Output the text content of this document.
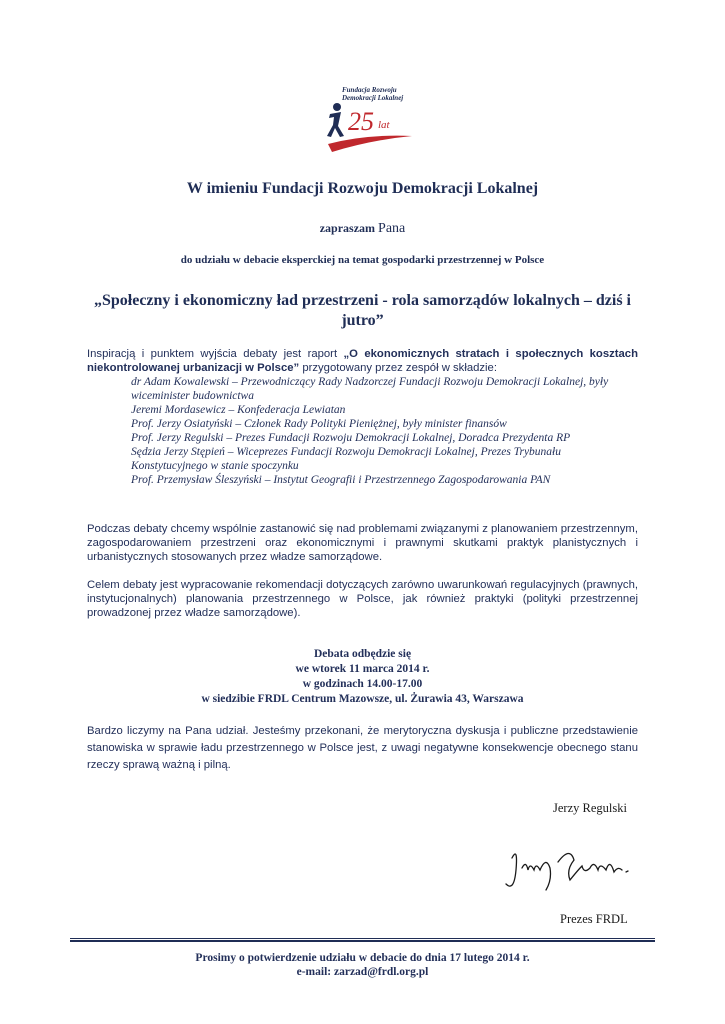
Fundacja Rozwoju
Demokracji Lokalnej
25 lat
W imieniu Fundacji Rozwoju Demokracji Lokalnej
zapraszam Pana
do udziału w debacie eksperckiej na temat gospodarki przestrzennej w Polsce
„Społeczny i ekonomiczny ład przestrzeni - rola samorządów lokalnych – dziś i jutro”
Inspiracją i punktem wyjścia debaty jest raport „O ekonomicznych stratach i społecznych kosztach niekontrolowanej urbanizacji w Polsce” przygotowany przez zespół w składzie:
dr Adam Kowalewski – Przewodniczący Rady Nadzorczej Fundacji Rozwoju Demokracji Lokalnej, były wiceminister budownictwa
Jeremi Mordasewicz – Konfederacja Lewiatan
Prof. Jerzy Osiatyński – Członek Rady Polityki Pieniężnej, były minister finansów
Prof. Jerzy Regulski – Prezes Fundacji Rozwoju Demokracji Lokalnej, Doradca Prezydenta RP
Sędzia Jerzy Stępień – Wiceprezes Fundacji Rozwoju Demokracji Lokalnej, Prezes Trybunału Konstytucyjnego w stanie spoczynku
Prof. Przemysław Śleszyński – Instytut Geografii i Przestrzennego Zagospodarowania PAN
Podczas debaty chcemy wspólnie zastanowić się nad problemami związanymi z planowaniem przestrzennym, zagospodarowaniem przestrzeni oraz ekonomicznymi i prawnymi skutkami praktyk planistycznych i urbanistycznych stosowanych przez władze samorządowe.
Celem debaty jest wypracowanie rekomendacji dotyczących zarówno uwarunkowań regulacyjnych (prawnych, instytucjonalnych) planowania przestrzennego w Polsce, jak również praktyki (polityki przestrzennej prowadzonej przez władze samorządowe).
Debata odbędzie się
we wtorek 11 marca 2014 r.
w godzinach 14.00-17.00
w siedzibie FRDL Centrum Mazowsze, ul. Żurawia 43, Warszawa
Bardzo liczymy na Pana udział. Jesteśmy przekonani, że merytoryczna dyskusja i publiczne przedstawienie stanowiska w sprawie ładu przestrzennego w Polsce jest, z uwagi negatywne konsekwencje obecnego stanu rzeczy sprawą ważną i pilną.
Jerzy Regulski
Prezes FRDL
Prosimy o potwierdzenie udziału w debacie do dnia 17 lutego 2014 r.
e-mail: zarzad@frdl.org.pl
